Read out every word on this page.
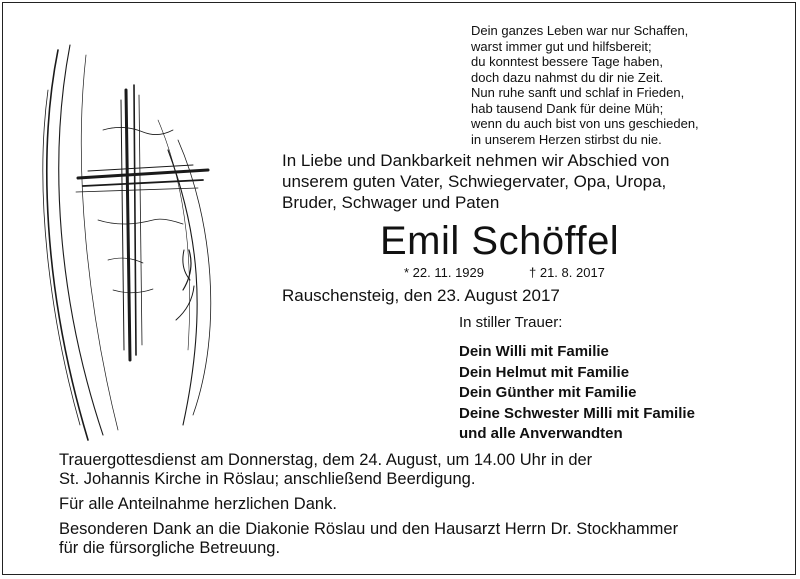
Dein ganzes Leben war nur Schaffen,
warst immer gut und hilfsbereit;
du konntest bessere Tage haben,
doch dazu nahmst du dir nie Zeit.
Nun ruhe sanft und schlaf in Frieden,
hab tausend Dank für deine Müh;
wenn du auch bist von uns geschieden,
in unserem Herzen stirbst du nie.
In Liebe und Dankbarkeit nehmen wir Abschied von
unserem guten Vater, Schwiegervater, Opa, Uropa,
Bruder, Schwager und Paten
Emil Schöffel
* 22. 11. 1929	† 21. 8. 2017
Rauschensteig, den 23. August 2017
In stiller Trauer:
Dein Willi mit Familie
Dein Helmut mit Familie
Dein Günther mit Familie
Deine Schwester Milli mit Familie
und alle Anverwandten
Trauergottesdienst am Donnerstag, dem 24. August, um 14.00 Uhr in der
St. Johannis Kirche in Röslau; anschließend Beerdigung.
Für alle Anteilnahme herzlichen Dank.
Besonderen Dank an die Diakonie Röslau und den Hausarzt Herrn Dr. Stockhammer
für die fürsorgliche Betreuung.
